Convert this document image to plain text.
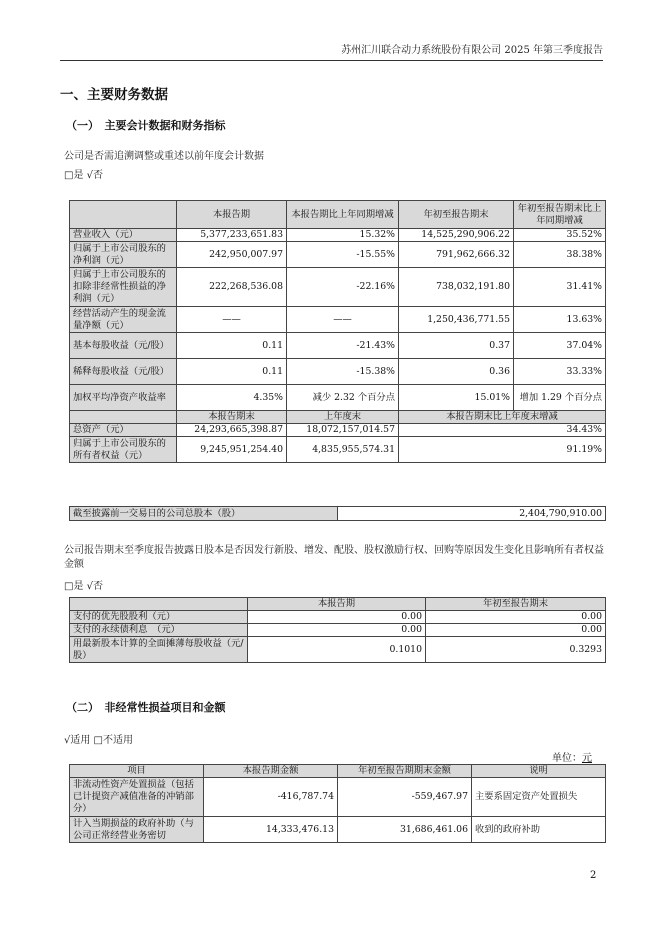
苏州汇川联合动力系统股份有限公司 2025 年第三季度报告
一、主要财务数据
（一）　主要会计数据和财务指标
公司是否需追溯调整或重述以前年度会计数据
□是 √否
	本报告期	本报告期比上年同期增减	年初至报告期末	年初至报告期末比上年同期增减
营业收入（元）	5,377,233,651.83	15.32%	14,525,290,906.22	35.52%
归属于上市公司股东的净利润（元）	242,950,007.97	-15.55%	791,962,666.32	38.38%
归属于上市公司股东的扣除非经常性损益的净利润（元）	222,268,536.08	-22.16%	738,032,191.80	31.41%
经营活动产生的现金流量净额（元）	——	——	1,250,436,771.55	13.63%
基本每股收益（元/股）	0.11	-21.43%	0.37	37.04%
稀释每股收益（元/股）	0.11	-15.38%	0.36	33.33%
加权平均净资产收益率	4.35%	减少 2.32 个百分点	15.01%	增加 1.29 个百分点
	本报告期末	上年度末	本报告期末比上年度末增减	
总资产（元）	24,293,665,398.87	18,072,157,014.57	34.43%	
归属于上市公司股东的所有者权益（元）	9,245,951,254.40	4,835,955,574.31	91.19%	
截至披露前一交易日的公司总股本（股）	2,404,790,910.00
公司报告期末至季度报告披露日股本是否因发行新股、增发、配股、股权激励行权、回购等原因发生变化且影响所有者权益金额
□是 √否
	本报告期	年初至报告期末
支付的优先股股利（元）	0.00	0.00
支付的永续债利息　（元）	0.00	0.00
用最新股本计算的全面摊薄每股收益（元/股）	0.1010	0.3293
（二）　非经常性损益项目和金额
√适用 □不适用
单位：元
项目	本报告期金额	年初至报告期期末金额	说明
非流动性资产处置损益（包括已计提资产减值准备的冲销部分）	-416,787.74	-559,467.97	主要系固定资产处置损失
计入当期损益的政府补助（与公司正常经营业务密切	14,333,476.13	31,686,461.06	收到的政府补助
2
